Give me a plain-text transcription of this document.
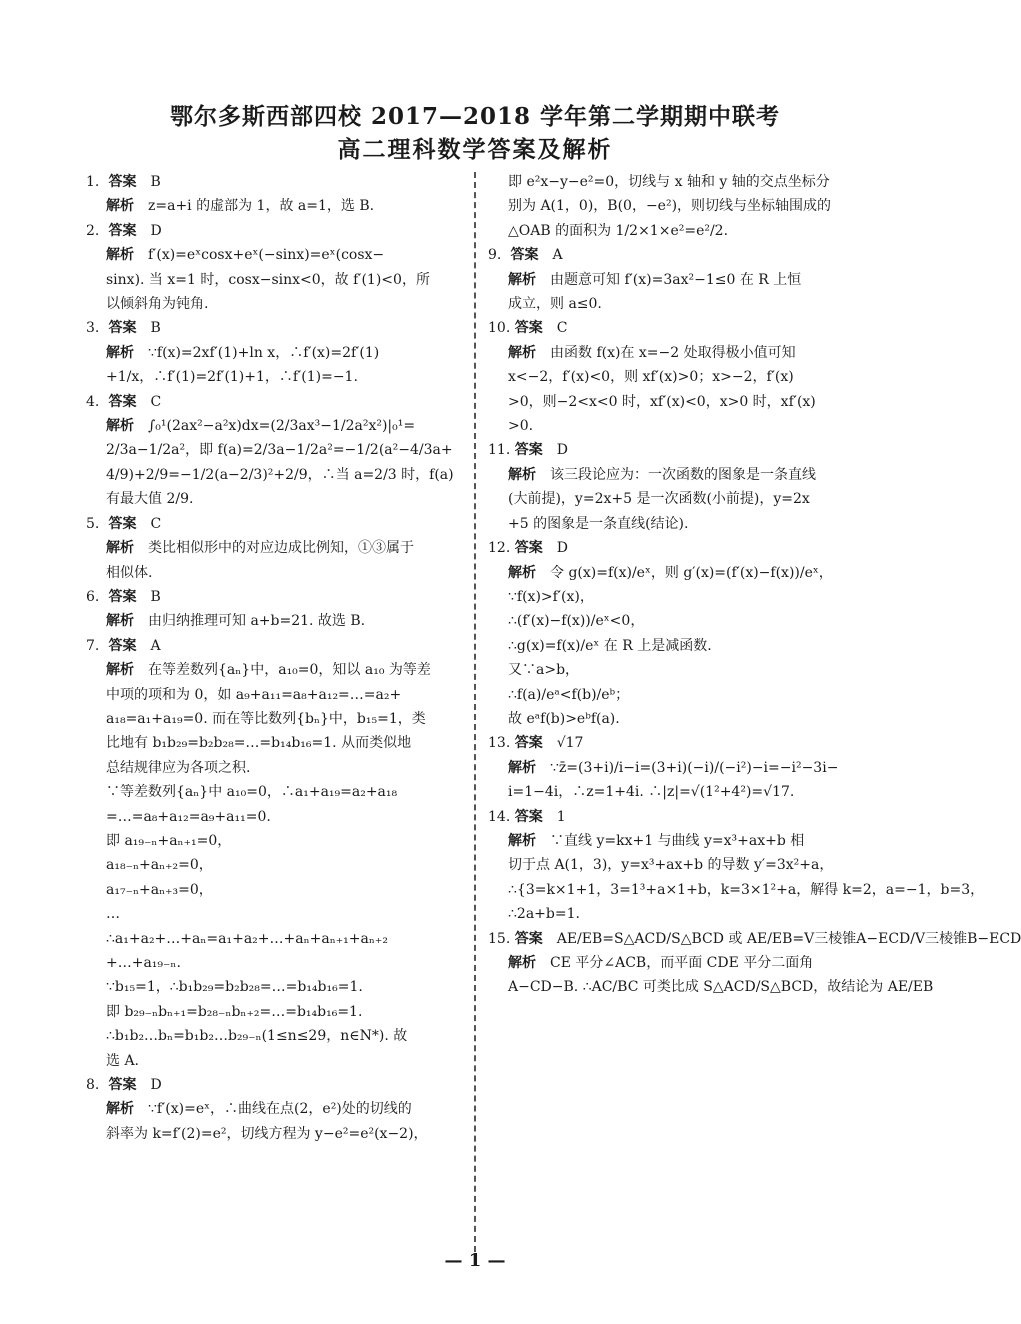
鄂尔多斯西部四校 2017—2018 学年第二学期期中联考
高二理科数学答案及解析
1. 答案 B
解析 z=a+i 的虚部为 1，故 a=1，选 B.
2. 答案 D
解析 f′(x)=eˣcosx+eˣ(−sinx)=eˣ(cosx−
sinx). 当 x=1 时，cosx−sinx<0，故 f′(1)<0，所
以倾斜角为钝角.
3. 答案 B
解析 ∵f(x)=2xf′(1)+ln x，∴f′(x)=2f′(1)
+1/x，∴f′(1)=2f′(1)+1，∴f′(1)=−1.
4. 答案 C
解析 ∫₀¹(2ax²−a²x)dx=(2/3ax³−1/2a²x²)|₀¹=
2/3a−1/2a²，即 f(a)=2/3a−1/2a²=−1/2(a²−4/3a+
4/9)+2/9=−1/2(a−2/3)²+2/9，∴当 a=2/3 时，f(a)
有最大值 2/9.
5. 答案 C
解析 类比相似形中的对应边成比例知，①③属于
相似体.
6. 答案 B
解析 由归纳推理可知 a+b=21. 故选 B.
7. 答案 A
解析 在等差数列{aₙ}中，a₁₀=0，知以 a₁₀ 为等差
中项的项和为 0，如 a₉+a₁₁=a₈+a₁₂=…=a₂+
a₁₈=a₁+a₁₉=0. 而在等比数列{bₙ}中，b₁₅=1，类
比地有 b₁b₂₉=b₂b₂₈=…=b₁₄b₁₆=1. 从而类似地
总结规律应为各项之积.
∵等差数列{aₙ}中 a₁₀=0，∴a₁+a₁₉=a₂+a₁₈
=…=a₈+a₁₂=a₉+a₁₁=0.
即 a₁₉₋ₙ+aₙ₊₁=0，
a₁₈₋ₙ+aₙ₊₂=0，
a₁₇₋ₙ+aₙ₊₃=0，
…
∴a₁+a₂+…+aₙ=a₁+a₂+…+aₙ+aₙ₊₁+aₙ₊₂
+…+a₁₉₋ₙ.
∵b₁₅=1，∴b₁b₂₉=b₂b₂₈=…=b₁₄b₁₆=1.
即 b₂₉₋ₙbₙ₊₁=b₂₈₋ₙbₙ₊₂=…=b₁₄b₁₆=1.
∴b₁b₂…bₙ=b₁b₂…b₂₉₋ₙ(1≤n≤29，n∈N*). 故
选 A.
8. 答案 D
解析 ∵f′(x)=eˣ，∴曲线在点(2，e²)处的切线的
斜率为 k=f′(2)=e²，切线方程为 y−e²=e²(x−2)，
即 e²x−y−e²=0，切线与 x 轴和 y 轴的交点坐标分
别为 A(1，0)，B(0，−e²)，则切线与坐标轴围成的
△OAB 的面积为 1/2×1×e²=e²/2.
9. 答案 A
解析 由题意可知 f′(x)=3ax²−1≤0 在 R 上恒
成立，则 a≤0.
10. 答案 C
解析 由函数 f(x)在 x=−2 处取得极小值可知
x<−2，f′(x)<0，则 xf′(x)>0；x>−2，f′(x)
>0，则−2<x<0 时，xf′(x)<0，x>0 时，xf′(x)
>0.
11. 答案 D
解析 该三段论应为：一次函数的图象是一条直线
(大前提)，y=2x+5 是一次函数(小前提)，y=2x
+5 的图象是一条直线(结论).
12. 答案 D
解析 令 g(x)=f(x)/eˣ，则 g′(x)=(f′(x)−f(x))/eˣ，
∵f(x)>f′(x)，
∴(f′(x)−f(x))/eˣ<0，
∴g(x)=f(x)/eˣ 在 R 上是减函数.
又∵a>b，
∴f(a)/eᵃ<f(b)/eᵇ；
故 eᵃf(b)>eᵇf(a).
13. 答案 √17
解析 ∵z̄=(3+i)/i−i=(3+i)(−i)/(−i²)−i=−i²−3i−
i=1−4i，∴z=1+4i. ∴|z|=√(1²+4²)=√17.
14. 答案 1
解析 ∵直线 y=kx+1 与曲线 y=x³+ax+b 相
切于点 A(1，3)，y=x³+ax+b 的导数 y′=3x²+a，
∴{3=k×1+1，3=1³+a×1+b，k=3×1²+a，解得 k=2，a=−1，b=3，
∴2a+b=1.
15. 答案 AE/EB=S△ACD/S△BCD 或 AE/EB=V三棱锥A−ECD/V三棱锥B−ECD
解析 CE 平分∠ACB，而平面 CDE 平分二面角
A−CD−B. ∴AC/BC 可类比成 S△ACD/S△BCD，故结论为 AE/EB
— 1 —
